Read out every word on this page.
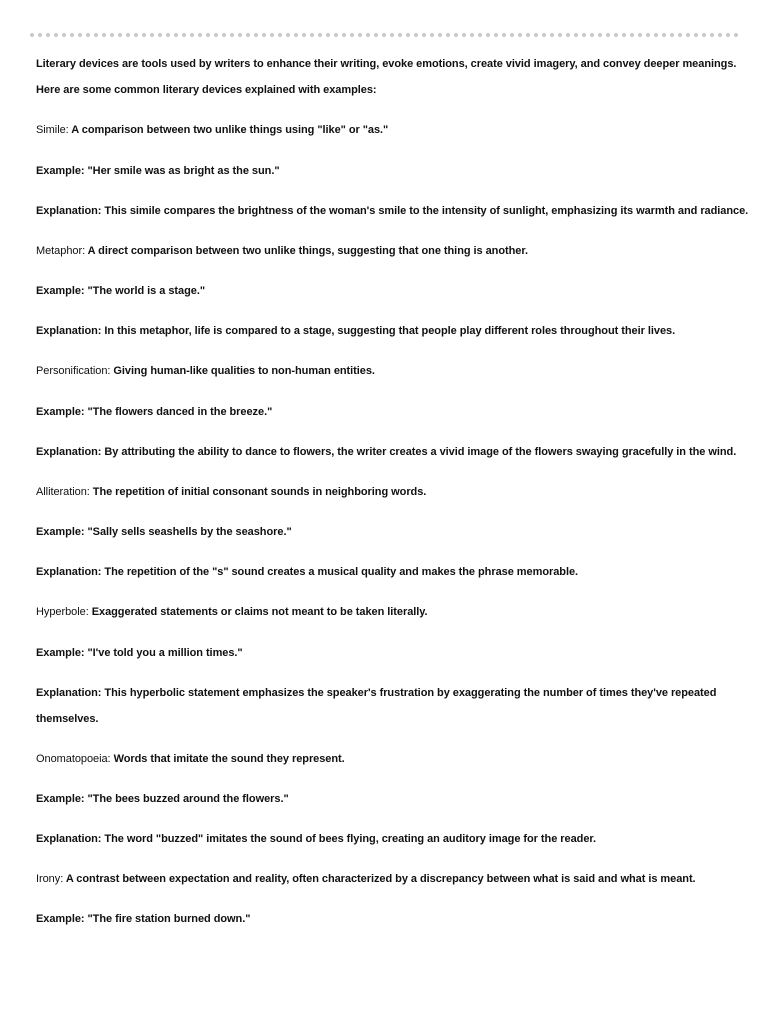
Literary devices are tools used by writers to enhance their writing, evoke emotions, create vivid imagery, and convey deeper meanings.
Here are some common literary devices explained with examples:
Simile: A comparison between two unlike things using "like" or "as."
Example: "Her smile was as bright as the sun."
Explanation: This simile compares the brightness of the woman's smile to the intensity of sunlight, emphasizing its warmth and radiance.
Metaphor: A direct comparison between two unlike things, suggesting that one thing is another.
Example: "The world is a stage."
Explanation: In this metaphor, life is compared to a stage, suggesting that people play different roles throughout their lives.
Personification: Giving human-like qualities to non-human entities.
Example: "The flowers danced in the breeze."
Explanation: By attributing the ability to dance to flowers, the writer creates a vivid image of the flowers swaying gracefully in the wind.
Alliteration: The repetition of initial consonant sounds in neighboring words.
Example: "Sally sells seashells by the seashore."
Explanation: The repetition of the "s" sound creates a musical quality and makes the phrase memorable.
Hyperbole: Exaggerated statements or claims not meant to be taken literally.
Example: "I've told you a million times."
Explanation: This hyperbolic statement emphasizes the speaker's frustration by exaggerating the number of times they've repeated
themselves.
Onomatopoeia: Words that imitate the sound they represent.
Example: "The bees buzzed around the flowers."
Explanation: The word "buzzed" imitates the sound of bees flying, creating an auditory image for the reader.
Irony: A contrast between expectation and reality, often characterized by a discrepancy between what is said and what is meant.
Example: "The fire station burned down."
